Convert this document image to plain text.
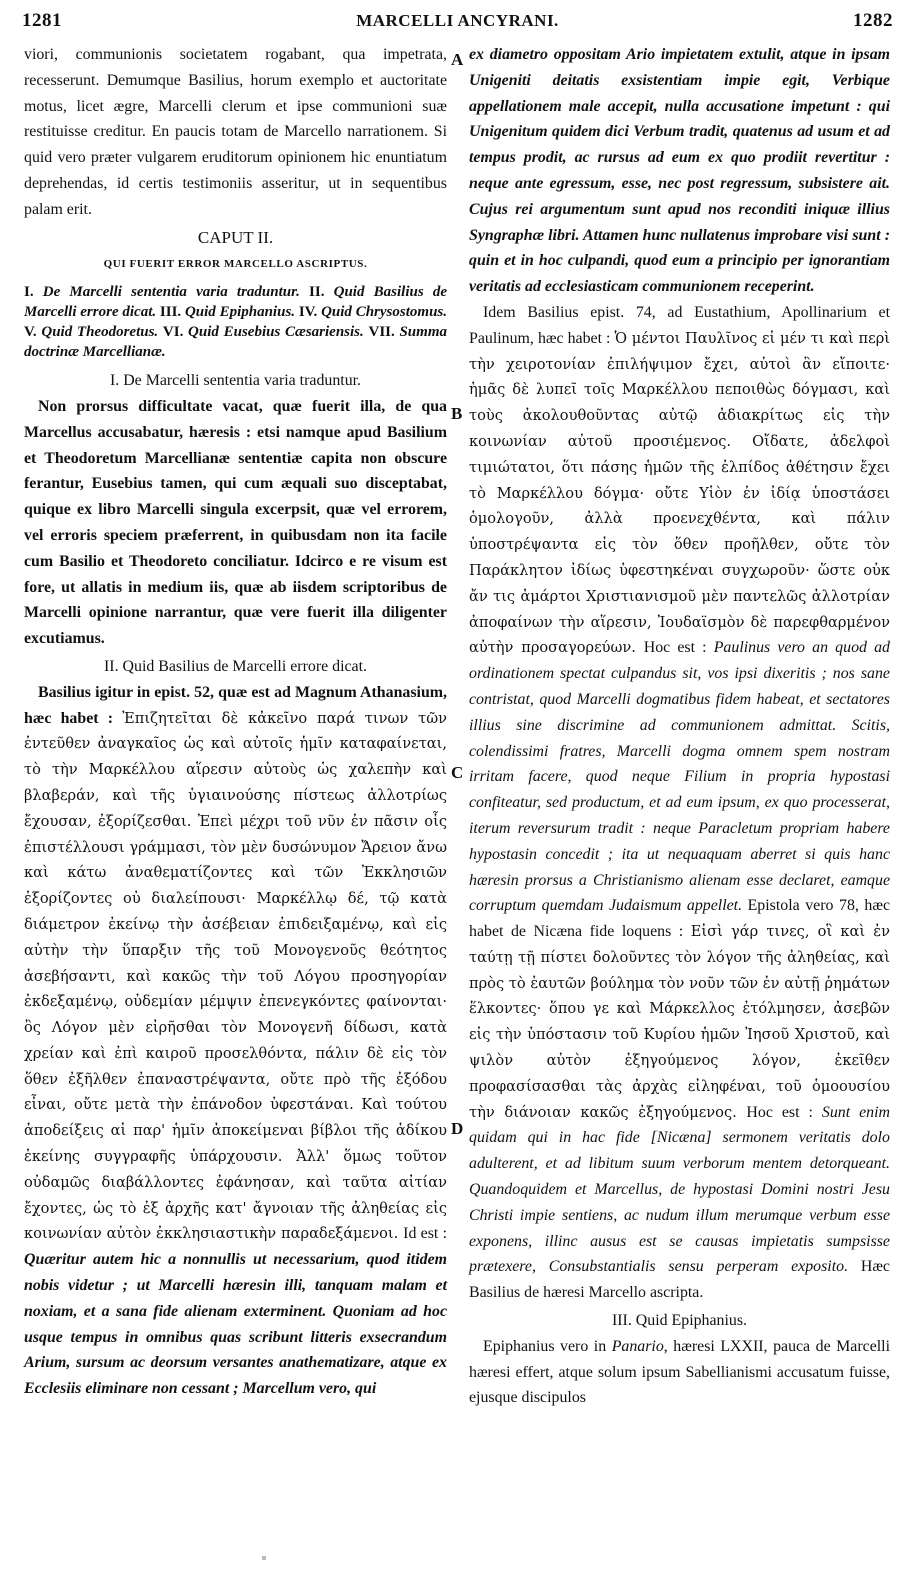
1281	MARCELLI ANCYRANI.	1282
A
B
C
D

viori, communionis societatem rogabant, qua impetrata, recesserunt. Demumque Basilius, horum exemplo et auctoritate motus, licet ægre, Marcelli clerum et ipse communioni suæ restituisse creditur. En paucis totam de Marcello narrationem. Si quid vero præter vulgarem eruditorum opinionem hic enuntiatum deprehendas, id certis testimoniis asseritur, ut in sequentibus palam erit.

CAPUT II.

QUI FUERIT ERROR MARCELLO ASCRIPTUS.

I. De Marcelli sententia varia traduntur. II. Quid Basilius de Marcelli errore dicat. III. Quid Epiphanius. IV. Quid Chrysostomus. V. Quid Theodoretus. VI. Quid Eusebius Cæsariensis. VII. Summa doctrinæ Marcellianæ.

I. De Marcelli sententia varia traduntur.

Non prorsus difficultate vacat, quæ fuerit illa, de qua Marcellus accusabatur, hæresis : etsi namque apud Basilium et Theodoretum Marcellianæ sententiæ capita non obscure ferantur, Eusebius tamen, qui cum æquali suo disceptabat, quique ex libro Marcelli singula excerpsit, quæ vel errorem, vel erroris speciem præferrent, in quibusdam non ita facile cum Basilio et Theodoreto conciliatur. Idcirco e re visum est fore, ut allatis in medium iis, quæ ab iisdem scriptoribus de Marcelli opinione narrantur, quæ vere fuerit illa diligenter excutiamus.

II. Quid Basilius de Marcelli errore dicat.

Basilius igitur in epist. 52, quæ est ad Magnum Athanasium, hæc habet : Ἐπιζητεῖται δὲ κἀκεῖνο παρά τινων τῶν ἐντεῦθεν ἀναγκαῖος ὡς καὶ αὐτοῖς ἡμῖν καταφαίνεται, τὸ τὴν Μαρκέλλου αἵρεσιν αὐτοὺς ὡς χαλεπὴν καὶ βλαβεράν, καὶ τῆς ὑγιαινούσης πίστεως ἀλλοτρίως ἔχουσαν, ἐξορίζεσθαι. Ἐπεὶ μέχρι τοῦ νῦν ἐν πᾶσιν οἷς ἐπιστέλλουσι γράμμασι, τὸν μὲν δυσώνυμον Ἄρειον ἄνω καὶ κάτω ἀναθεματίζοντες καὶ τῶν Ἐκκλησιῶν ἐξορίζοντες οὐ διαλείπουσι· Μαρκέλλῳ δέ, τῷ κατὰ διάμετρον ἐκείνῳ τὴν ἀσέβειαν ἐπιδειξαμένῳ, καὶ εἰς αὐτὴν τὴν ὕπαρξιν τῆς τοῦ Μονογενοῦς θεότητος ἀσεβήσαντι, καὶ κακῶς τὴν τοῦ Λόγου προσηγορίαν ἐκδεξαμένῳ, οὐδεμίαν μέμψιν ἐπενεγκόντες φαίνονται· ὃς Λόγον μὲν εἰρῆσθαι τὸν Μονογενῆ δίδωσι, κατὰ χρείαν καὶ ἐπὶ καιροῦ προσελθόντα, πάλιν δὲ εἰς τὸν ὅθεν ἐξῆλθεν ἐπαναστρέψαντα, οὔτε πρὸ τῆς ἐξόδου εἶναι, οὔτε μετὰ τὴν ἐπάνοδον ὑφεστάναι. Καὶ τούτου ἀποδείξεις αἱ παρ' ἡμῖν ἀποκείμεναι βίβλοι τῆς ἀδίκου ἐκείνης συγγραφῆς ὑπάρχουσιν. Ἀλλ' ὅμως τοῦτον οὐδαμῶς διαβάλλοντες ἐφάνησαν, καὶ ταῦτα αἰτίαν ἔχοντες, ὡς τὸ ἐξ ἀρχῆς κατ' ἄγνοιαν τῆς ἀληθείας εἰς κοινωνίαν αὐτὸν ἐκκλησιαστικὴν παραδεξάμενοι. Id est : Quæritur autem hic a nonnullis ut necessarium, quod itidem nobis videtur ; ut Marcelli hæresin illi, tanquam malam et noxiam, et a sana fide alienam exterminent. Quoniam ad hoc usque tempus in omnibus quas scribunt litteris exsecrandum Arium, sursum ac deorsum versantes anathematizare, atque ex Ecclesiis eliminare non cessant ; Marcellum vero, qui

ex diametro oppositam Ario impietatem extulit, atque in ipsam Unigeniti deitatis exsistentiam impie egit, Verbique appellationem male accepit, nulla accusatione impetunt : qui Unigenitum quidem dici Verbum tradit, quatenus ad usum et ad tempus prodit, ac rursus ad eum ex quo prodiit revertitur : neque ante egressum, esse, nec post regressum, subsistere ait. Cujus rei argumentum sunt apud nos reconditi iniquæ illius Syngraphæ libri. Attamen hunc nullatenus improbare visi sunt : quin et in hoc culpandi, quod eum a principio per ignorantiam veritatis ad ecclesiasticam communionem receperint.

Idem Basilius epist. 74, ad Eustathium, Apollinarium et Paulinum, hæc habet : Ὁ μέντοι Παυλῖνος εἰ μέν τι καὶ περὶ τὴν χειροτονίαν ἐπιλήψιμον ἔχει, αὐτοὶ ἂν εἴποιτε· ἡμᾶς δὲ λυπεῖ τοῖς Μαρκέλλου πεποιθὼς δόγμασι, καὶ τοὺς ἀκολουθοῦντας αὐτῷ ἀδιακρίτως εἰς τὴν κοινωνίαν αὐτοῦ προσιέμενος. Οἴδατε, ἀδελφοὶ τιμιώτατοι, ὅτι πάσης ἡμῶν τῆς ἐλπίδος ἀθέτησιν ἔχει τὸ Μαρκέλλου δόγμα· οὔτε Υἱὸν ἐν ἰδίᾳ ὑποστάσει ὁμολογοῦν, ἀλλὰ προενεχθέντα, καὶ πάλιν ὑποστρέψαντα εἰς τὸν ὅθεν προῆλθεν, οὔτε τὸν Παράκλητον ἰδίως ὑφεστηκέναι συγχωροῦν· ὥστε οὐκ ἄν τις ἁμάρτοι Χριστιανισμοῦ μὲν παντελῶς ἀλλοτρίαν ἀποφαίνων τὴν αἵρεσιν, Ἰουδαϊσμὸν δὲ παρεφθαρμένον αὐτὴν προσαγορεύων. Hoc est : Paulinus vero an quod ad ordinationem spectat culpandus sit, vos ipsi dixeritis ; nos sane contristat, quod Marcelli dogmatibus fidem habeat, et sectatores illius sine discrimine ad communionem admittat. Scitis, colendissimi fratres, Marcelli dogma omnem spem nostram irritam facere, quod neque Filium in propria hypostasi confiteatur, sed productum, et ad eum ipsum, ex quo processerat, iterum reversurum tradit : neque Paracletum propriam habere hypostasin concedit ; ita ut nequaquam aberret si quis hanc hæresin prorsus a Christianismo alienam esse declaret, eamque corruptum quemdam Judaismum appellet. Epistola vero 78, hæc habet de Nicæna fide loquens : Εἰσὶ γάρ τινες, οἳ καὶ ἐν ταύτῃ τῇ πίστει δολοῦντες τὸν λόγον τῆς ἀληθείας, καὶ πρὸς τὸ ἑαυτῶν βούλημα τὸν νοῦν τῶν ἐν αὐτῇ ῥημάτων ἕλκοντες· ὅπου γε καὶ Μάρκελλος ἐτόλμησεν, ἀσεβῶν εἰς τὴν ὑπόστασιν τοῦ Κυρίου ἡμῶν Ἰησοῦ Χριστοῦ, καὶ ψιλὸν αὐτὸν ἐξηγούμενος λόγον, ἐκεῖθεν προφασίσασθαι τὰς ἀρχὰς εἰληφέναι, τοῦ ὁμοουσίου τὴν διάνοιαν κακῶς ἐξηγούμενος. Hoc est : Sunt enim quidam qui in hac fide [Nicæna] sermonem veritatis dolo adulterent, et ad libitum suum verborum mentem detorqueant. Quandoquidem et Marcellus, de hypostasi Domini nostri Jesu Christi impie sentiens, ac nudum illum merumque verbum esse exponens, illinc ausus est se causas impietatis sumpsisse prætexere, Consubstantialis sensu perperam exposito. Hæc Basilius de hæresi Marcello ascripta.

III. Quid Epiphanius.

Epiphanius vero in Panario, hæresi LXXII, pauca de Marcelli hæresi effert, atque solum ipsum Sabellianismi accusatum fuisse, ejusque discipulos
